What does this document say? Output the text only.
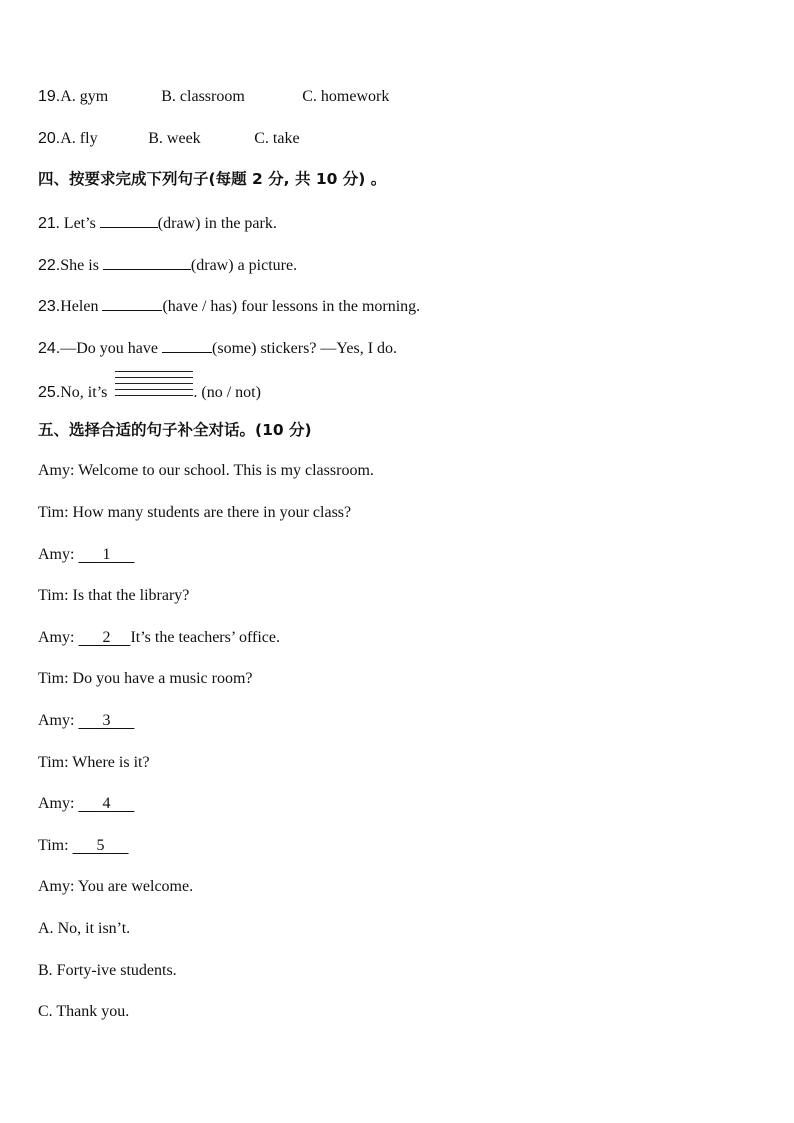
19.A. gym	B. classroom	C. homework
20.A. fly	B. week	C. take
四、按要求完成下列句子(每题 2 分, 共 10 分) 。
21. Let’s	(draw) in the park.
22.She is	(draw) a picture.
23.Helen	(have / has) four lessons in the morning.
24.—Do you have	(some) stickers? —Yes, I do.
25.No, it’s	. (no / not)
五、选择合适的句子补全对话。(10 分)
Amy: Welcome to our school. This is my classroom.
Tim: How many students are there in your class?
Amy: 1
Tim: Is that the library?
Amy: 2 It’s the teachers’ office.
Tim: Do you have a music room?
Amy: 3
Tim: Where is it?
Amy: 4
Tim: 5
Amy: You are welcome.
A. No, it isn’t.
B. Forty-ive students.
C. Thank you.
